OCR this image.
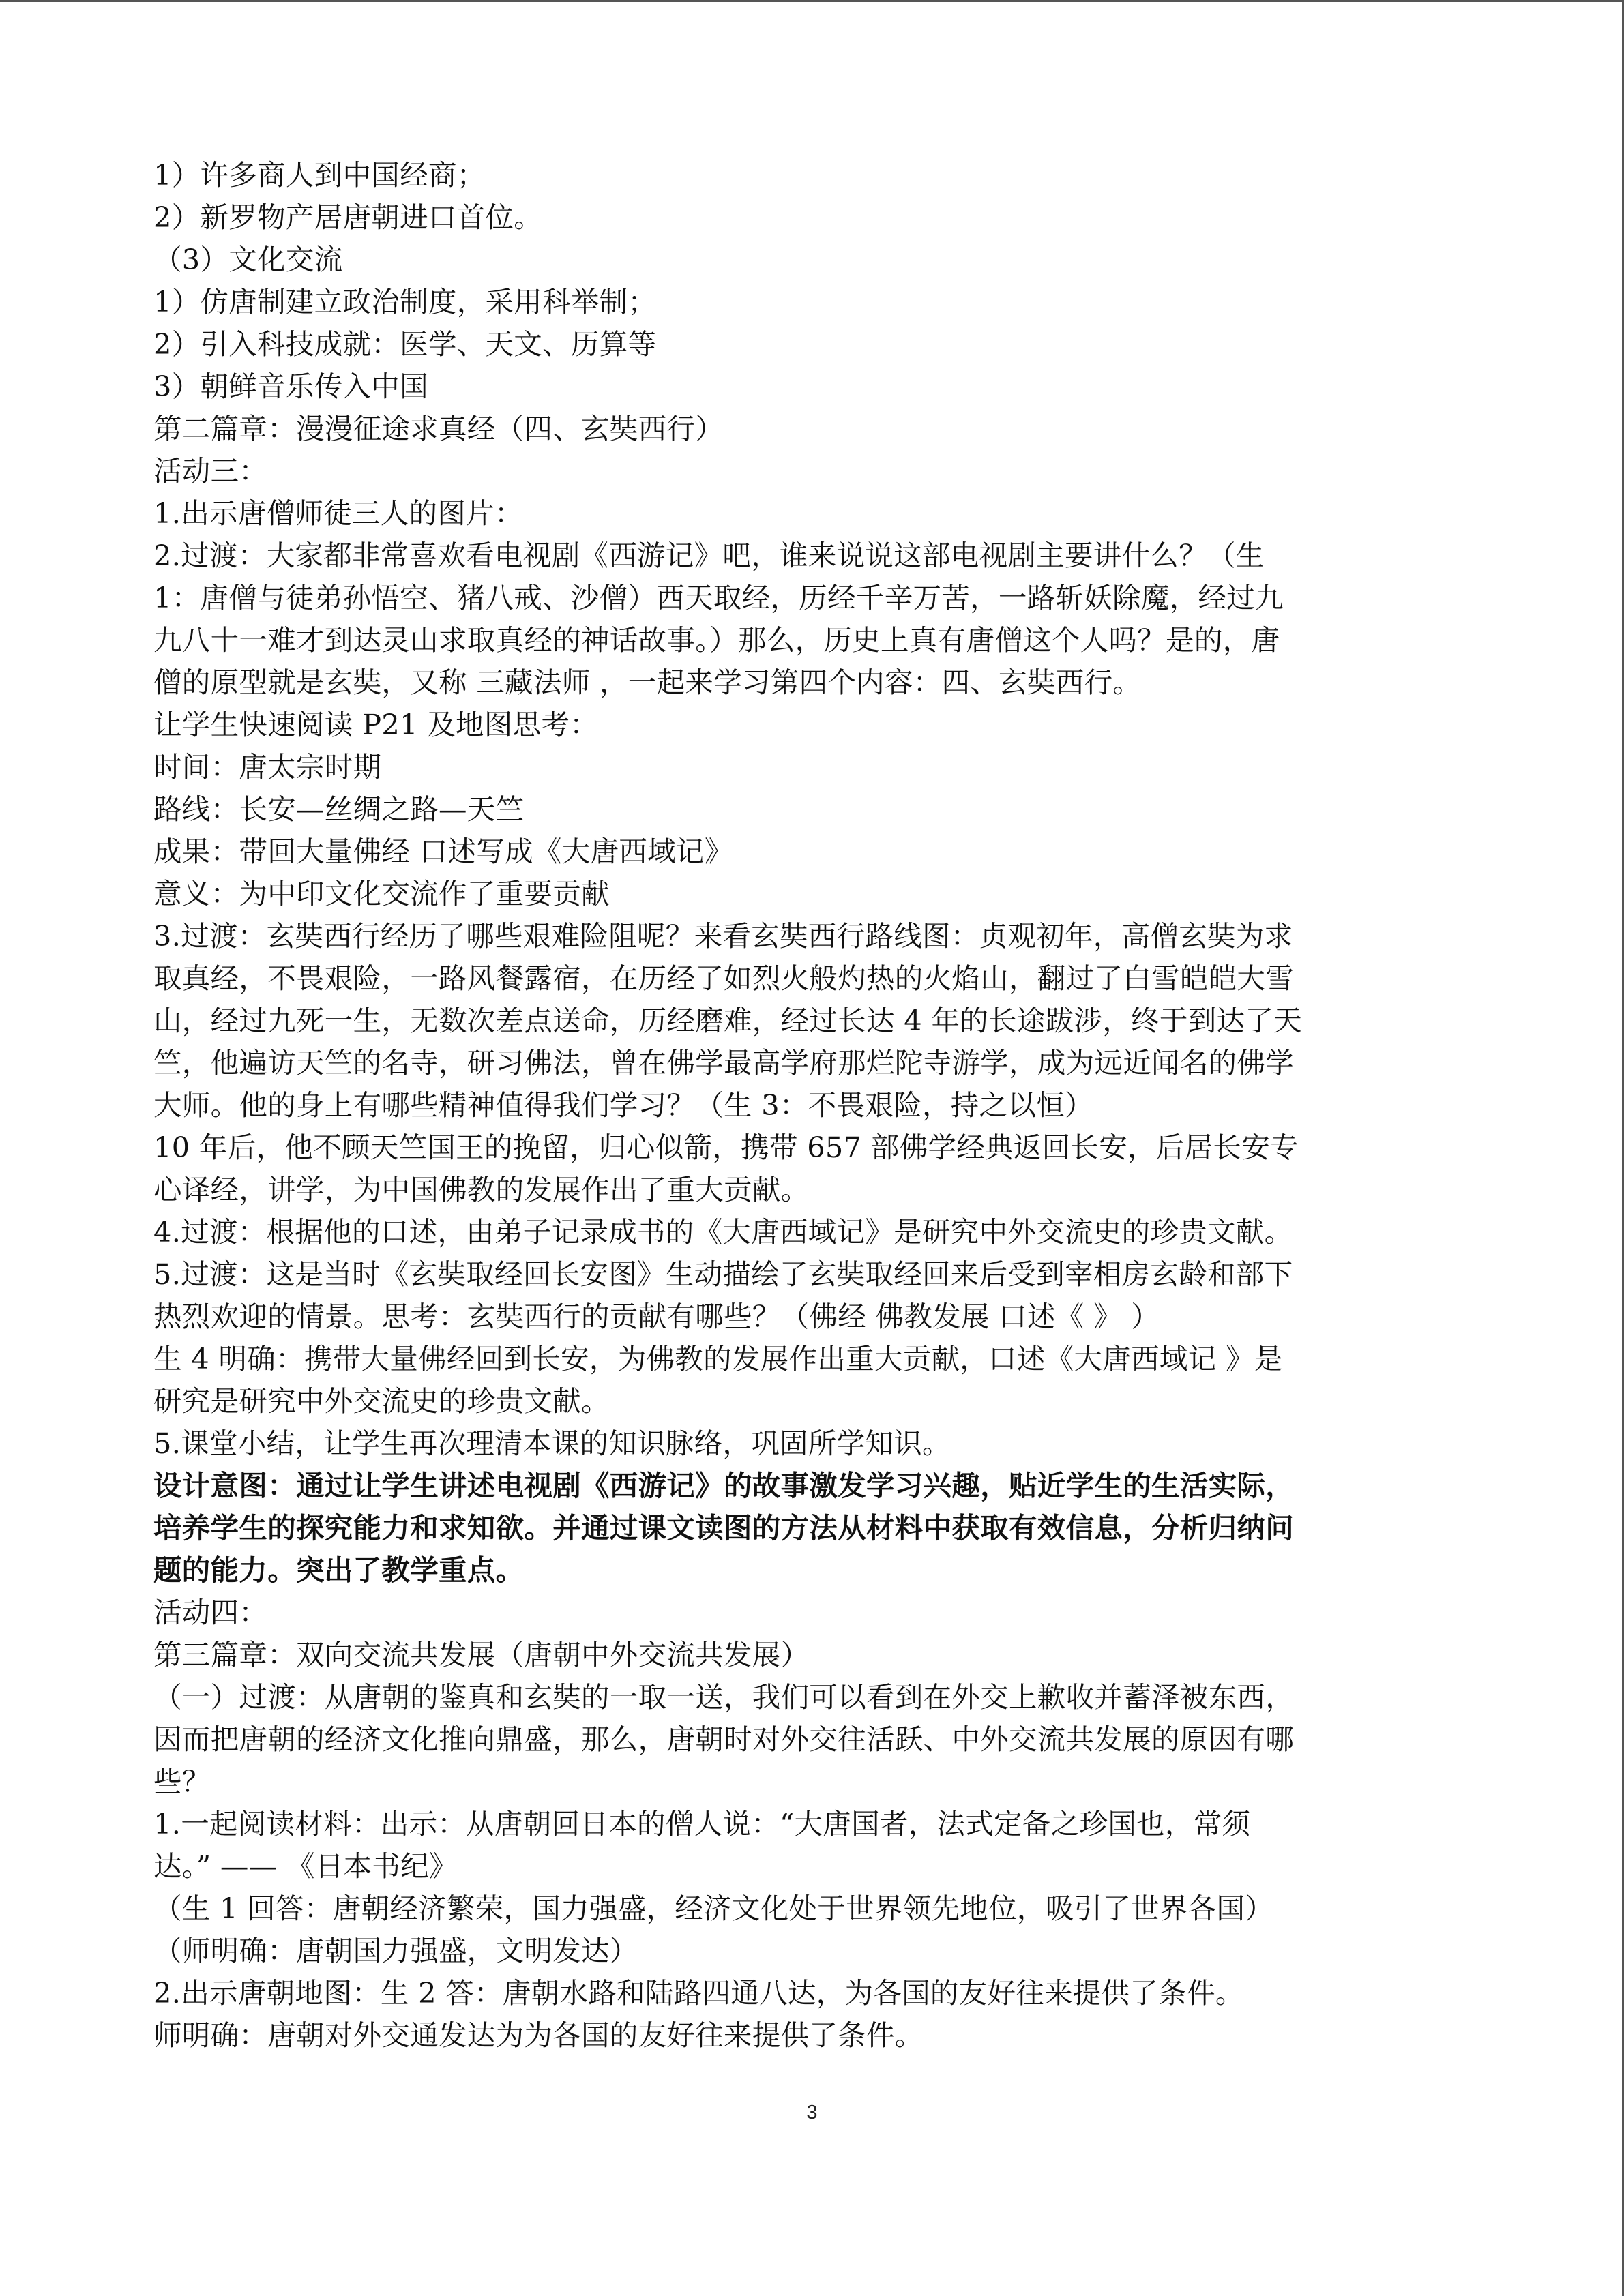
1）许多商人到中国经商；
2）新罗物产居唐朝进口首位。
（3）文化交流
1）仿唐制建立政治制度，采用科举制；
2）引入科技成就：医学、天文、历算等
3）朝鲜音乐传入中国
第二篇章：漫漫征途求真经（四、玄奘西行）
活动三：
1.出示唐僧师徒三人的图片：
2.过渡：大家都非常喜欢看电视剧《西游记》吧，谁来说说这部电视剧主要讲什么？（生
1：唐僧与徒弟孙悟空、猪八戒、沙僧）西天取经，历经千辛万苦，一路斩妖除魔，经过九
九八十一难才到达灵山求取真经的神话故事。）那么，历史上真有唐僧这个人吗？是的，唐
僧的原型就是玄奘，又称 三藏法师 ，一起来学习第四个内容：四、玄奘西行。
让学生快速阅读 P21 及地图思考：
时间：唐太宗时期
路线：长安—丝绸之路—天竺
成果：带回大量佛经 口述写成《大唐西域记》
意义：为中印文化交流作了重要贡献
3.过渡：玄奘西行经历了哪些艰难险阻呢？来看玄奘西行路线图：贞观初年，高僧玄奘为求
取真经，不畏艰险，一路风餐露宿，在历经了如烈火般灼热的火焰山，翻过了白雪皑皑大雪
山，经过九死一生，无数次差点送命，历经磨难，经过长达 4 年的长途跋涉，终于到达了天
竺，他遍访天竺的名寺，研习佛法，曾在佛学最高学府那烂陀寺游学，成为远近闻名的佛学
大师。他的身上有哪些精神值得我们学习？（生 3：不畏艰险，持之以恒）
10 年后，他不顾天竺国王的挽留，归心似箭，携带 657 部佛学经典返回长安，后居长安专
心译经，讲学，为中国佛教的发展作出了重大贡献。
4.过渡：根据他的口述，由弟子记录成书的《大唐西域记》是研究中外交流史的珍贵文献。
5.过渡：这是当时《玄奘取经回长安图》生动描绘了玄奘取经回来后受到宰相房玄龄和部下
热烈欢迎的情景。思考：玄奘西行的贡献有哪些？（佛经 佛教发展 口述《 》 ）
生 4 明确：携带大量佛经回到长安，为佛教的发展作出重大贡献，口述《大唐西域记 》是
研究是研究中外交流史的珍贵文献。
5.课堂小结，让学生再次理清本课的知识脉络，巩固所学知识。
设计意图：通过让学生讲述电视剧《西游记》的故事激发学习兴趣，贴近学生的生活实际，
培养学生的探究能力和求知欲。并通过课文读图的方法从材料中获取有效信息，分析归纳问
题的能力。突出了教学重点。
活动四：
第三篇章：双向交流共发展（唐朝中外交流共发展）
（一）过渡：从唐朝的鉴真和玄奘的一取一送，我们可以看到在外交上歉收并蓄泽被东西，
因而把唐朝的经济文化推向鼎盛，那么，唐朝时对外交往活跃、中外交流共发展的原因有哪
些？
1.一起阅读材料：出示：从唐朝回日本的僧人说：“大唐国者，法式定备之珍国也，常须
达。” —— 《日本书纪》
（生 1 回答：唐朝经济繁荣，国力强盛，经济文化处于世界领先地位，吸引了世界各国）
（师明确：唐朝国力强盛，文明发达）
2.出示唐朝地图：生 2 答：唐朝水路和陆路四通八达，为各国的友好往来提供了条件。
师明确：唐朝对外交通发达为为各国的友好往来提供了条件。
3
